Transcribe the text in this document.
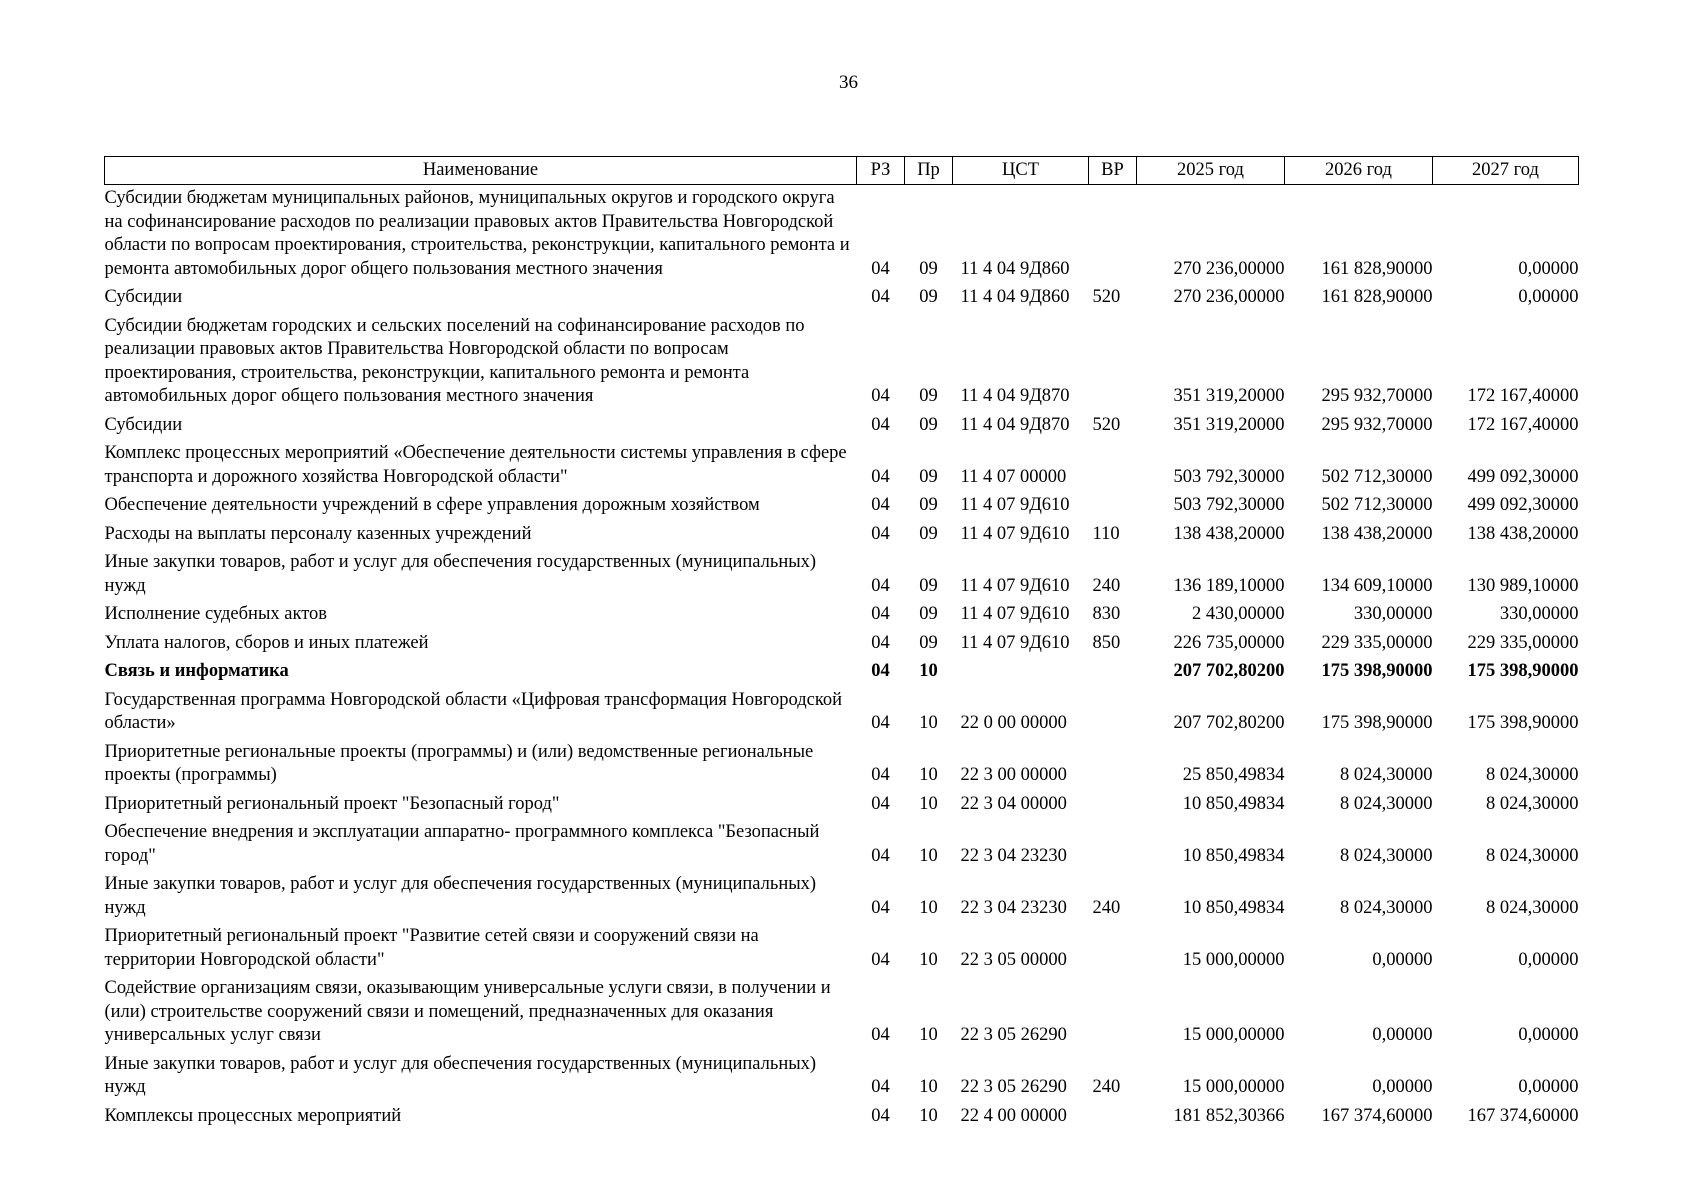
36
Наименование	РЗ	Пр	ЦСТ	ВР	2025 год	2026 год	2027 год
Субсидии бюджетам муниципальных районов, муниципальных округов и городского округа на софинансирование расходов по реализации правовых актов Правительства Новгородской области по вопросам проектирования, строительства, реконструкции, капитального ремонта и ремонта автомобильных дорог общего пользования местного значения	04	09	11 4 04 9Д860		270 236,00000	161 828,90000	0,00000
Субсидии	04	09	11 4 04 9Д860	520	270 236,00000	161 828,90000	0,00000
Субсидии бюджетам городских и сельских поселений на софинансирование расходов по реализации правовых актов Правительства Новгородской области по вопросам проектирования, строительства, реконструкции, капитального ремонта и ремонта автомобильных дорог общего пользования местного значения	04	09	11 4 04 9Д870		351 319,20000	295 932,70000	172 167,40000
Субсидии	04	09	11 4 04 9Д870	520	351 319,20000	295 932,70000	172 167,40000
Комплекс процессных мероприятий «Обеспечение деятельности системы управления в сфере транспорта и дорожного хозяйства Новгородской области"	04	09	11 4 07 00000		503 792,30000	502 712,30000	499 092,30000
Обеспечение деятельности учреждений в сфере управления дорожным хозяйством	04	09	11 4 07 9Д610		503 792,30000	502 712,30000	499 092,30000
Расходы на выплаты персоналу казенных учреждений	04	09	11 4 07 9Д610	110	138 438,20000	138 438,20000	138 438,20000
Иные закупки товаров, работ и услуг для обеспечения государственных (муниципальных) нужд	04	09	11 4 07 9Д610	240	136 189,10000	134 609,10000	130 989,10000
Исполнение судебных актов	04	09	11 4 07 9Д610	830	2 430,00000	330,00000	330,00000
Уплата налогов, сборов и иных платежей	04	09	11 4 07 9Д610	850	226 735,00000	229 335,00000	229 335,00000
Связь и информатика	04	10			207 702,80200	175 398,90000	175 398,90000
Государственная программа Новгородской области «Цифровая трансформация Новгородской области»	04	10	22 0 00 00000		207 702,80200	175 398,90000	175 398,90000
Приоритетные региональные проекты (программы) и (или) ведомственные региональные проекты (программы)	04	10	22 3 00 00000		25 850,49834	8 024,30000	8 024,30000
Приоритетный региональный проект "Безопасный город"	04	10	22 3 04 00000		10 850,49834	8 024,30000	8 024,30000
Обеспечение внедрения и эксплуатации аппаратно- программного комплекса "Безопасный город"	04	10	22 3 04 23230		10 850,49834	8 024,30000	8 024,30000
Иные закупки товаров, работ и услуг для обеспечения государственных (муниципальных) нужд	04	10	22 3 04 23230	240	10 850,49834	8 024,30000	8 024,30000
Приоритетный региональный проект "Развитие сетей связи и сооружений связи на территории Новгородской области"	04	10	22 3 05 00000		15 000,00000	0,00000	0,00000
Содействие организациям связи, оказывающим универсальные услуги связи, в получении и (или) строительстве сооружений связи и помещений, предназначенных для оказания универсальных услуг связи	04	10	22 3 05 26290		15 000,00000	0,00000	0,00000
Иные закупки товаров, работ и услуг для обеспечения государственных (муниципальных) нужд	04	10	22 3 05 26290	240	15 000,00000	0,00000	0,00000
Комплексы процессных мероприятий	04	10	22 4 00 00000		181 852,30366	167 374,60000	167 374,60000
